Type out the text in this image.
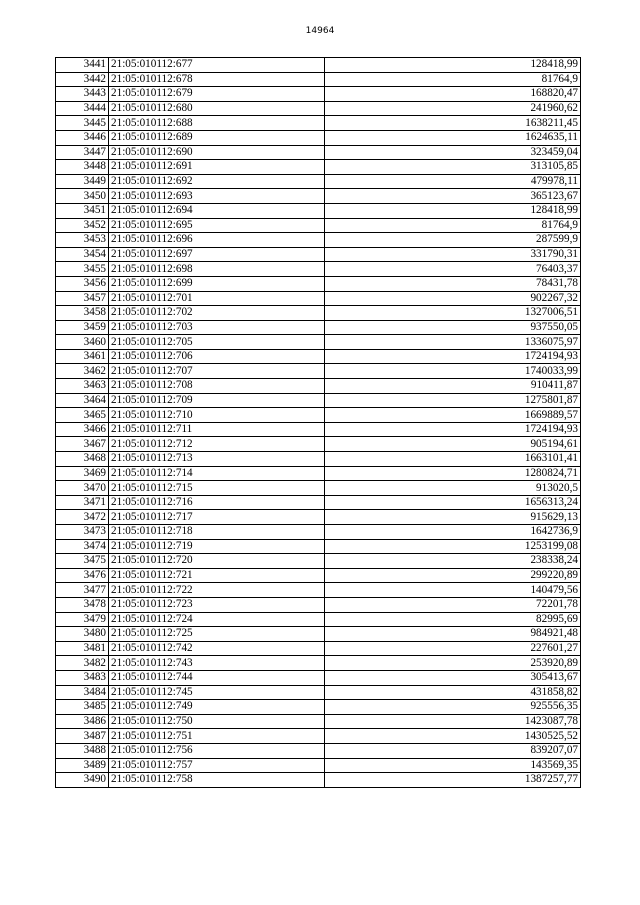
14964
3441	21:05:010112:677	128418,99
3442	21:05:010112:678	81764,9
3443	21:05:010112:679	168820,47
3444	21:05:010112:680	241960,62
3445	21:05:010112:688	1638211,45
3446	21:05:010112:689	1624635,11
3447	21:05:010112:690	323459,04
3448	21:05:010112:691	313105,85
3449	21:05:010112:692	479978,11
3450	21:05:010112:693	365123,67
3451	21:05:010112:694	128418,99
3452	21:05:010112:695	81764,9
3453	21:05:010112:696	287599,9
3454	21:05:010112:697	331790,31
3455	21:05:010112:698	76403,37
3456	21:05:010112:699	78431,78
3457	21:05:010112:701	902267,32
3458	21:05:010112:702	1327006,51
3459	21:05:010112:703	937550,05
3460	21:05:010112:705	1336075,97
3461	21:05:010112:706	1724194,93
3462	21:05:010112:707	1740033,99
3463	21:05:010112:708	910411,87
3464	21:05:010112:709	1275801,87
3465	21:05:010112:710	1669889,57
3466	21:05:010112:711	1724194,93
3467	21:05:010112:712	905194,61
3468	21:05:010112:713	1663101,41
3469	21:05:010112:714	1280824,71
3470	21:05:010112:715	913020,5
3471	21:05:010112:716	1656313,24
3472	21:05:010112:717	915629,13
3473	21:05:010112:718	1642736,9
3474	21:05:010112:719	1253199,08
3475	21:05:010112:720	238338,24
3476	21:05:010112:721	299220,89
3477	21:05:010112:722	140479,56
3478	21:05:010112:723	72201,78
3479	21:05:010112:724	82995,69
3480	21:05:010112:725	984921,48
3481	21:05:010112:742	227601,27
3482	21:05:010112:743	253920,89
3483	21:05:010112:744	305413,67
3484	21:05:010112:745	431858,82
3485	21:05:010112:749	925556,35
3486	21:05:010112:750	1423087,78
3487	21:05:010112:751	1430525,52
3488	21:05:010112:756	839207,07
3489	21:05:010112:757	143569,35
3490	21:05:010112:758	1387257,77
